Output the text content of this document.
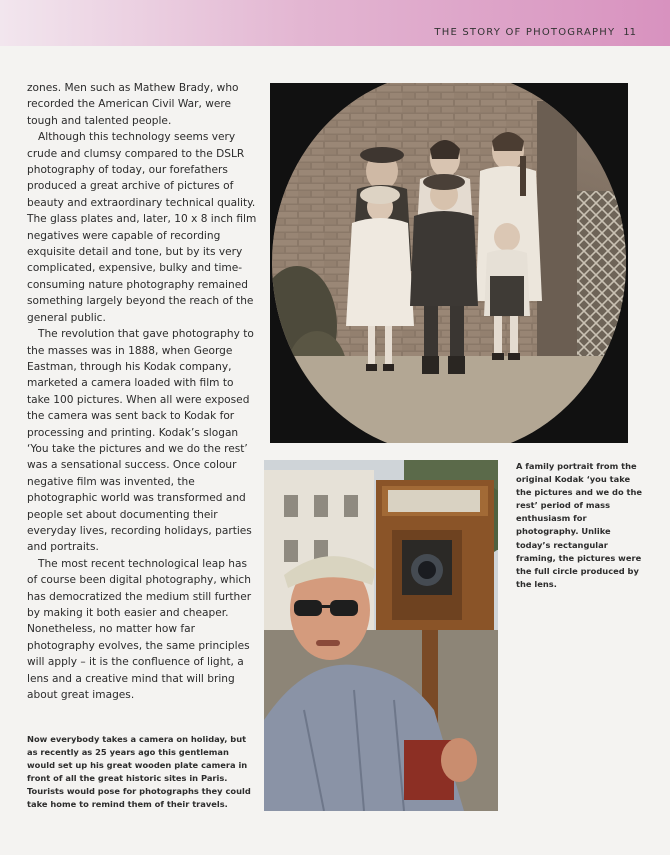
THE STORY OF PHOTOGRAPHY 11

zones. Men such as Mathew Brady, who recorded the American Civil War, were tough and talented people.

Although this technology seems very crude and clumsy compared to the DSLR photography of today, our forefathers produced a great archive of pictures of beauty and extraordinary technical quality. The glass plates and, later, 10 x 8 inch film negatives were capable of recording exquisite detail and tone, but by its very complicated, expensive, bulky and time-consuming nature photography remained something largely beyond the reach of the general public.

The revolution that gave photography to the masses was in 1888, when George Eastman, through his Kodak company, marketed a camera loaded with film to take 100 pictures. When all were exposed the camera was sent back to Kodak for processing and printing. Kodak’s slogan ‘You take the pictures and we do the rest’ was a sensational success. Once colour negative film was invented, the photographic world was transformed and people set about documenting their everyday lives, recording holidays, parties and portraits.

The most recent technological leap has of course been digital photography, which has democratized the medium still further by making it both easier and cheaper. Nonetheless, no matter how far photography evolves, the same principles will apply – it is the confluence of light, a lens and a creative mind that will bring about great images.

A family portrait from the original Kodak ‘you take the pictures and we do the rest’ period of mass enthusiasm for photography. Unlike today’s rectangular framing, the pictures were the full circle produced by the lens.
Now everybody takes a camera on holiday, but as recently as 25 years ago this gentleman would set up his great wooden plate camera in front of all the great historic sites in Paris. Tourists would pose for photographs they could take home to remind them of their travels.
